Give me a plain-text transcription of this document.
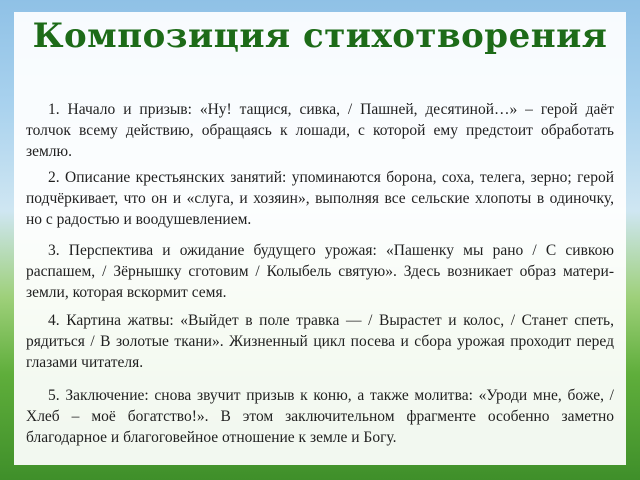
Композиция стихотворения

1. Начало и призыв: «Ну! тащися, сивка, / Пашней, десятиной…» – герой даёт толчок всему действию, обращаясь к лошади, с которой ему предстоит обработать землю.

2. Описание крестьянских занятий: упоминаются борона, соха, телега, зерно; герой подчёркивает, что он и «слуга, и хозяин», выполняя все сельские хлопоты в одиночку, но с радостью и воодушевлением.

3. Перспектива и ожидание будущего урожая: «Пашенку мы рано / С сивкою распашем, / Зёрнышку сготовим / Колыбель святую». Здесь возникает образ матери-земли, которая вскормит семя.

4. Картина жатвы: «Выйдет в поле травка — / Вырастет и колос, / Станет спеть, рядиться / В золотые ткани». Жизненный цикл посева и сбора урожая проходит перед глазами читателя.

5. Заключение: снова звучит призыв к коню, а также молитва: «Уроди мне, боже, / Хлеб – моё богатство!». В этом заключительном фрагменте особенно заметно благодарное и благоговейное отношение к земле и Богу.
